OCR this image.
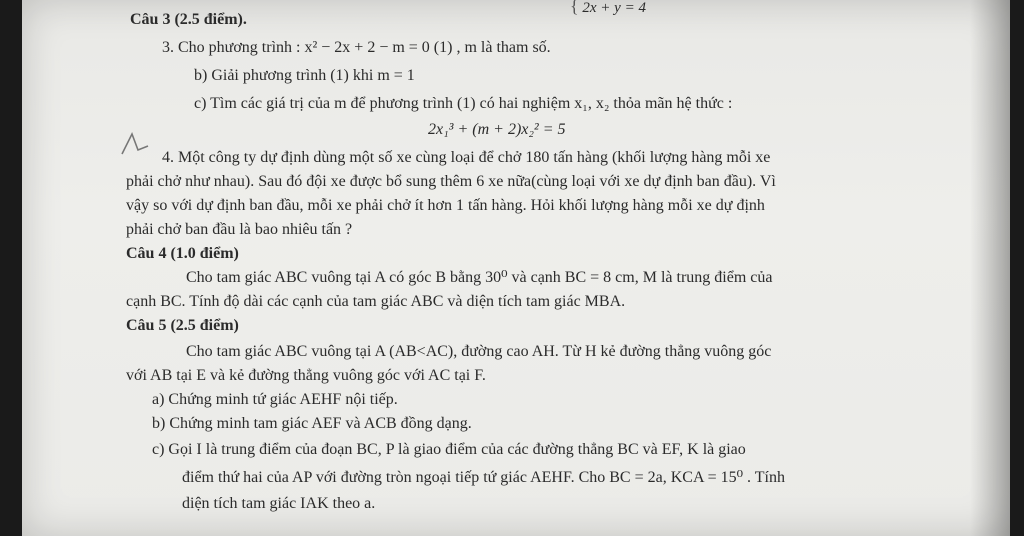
{ 2x + y = 4
Câu 3 (2.5 điểm).
3. Cho phương trình : x² − 2x + 2 − m = 0 (1) , m là tham số.
b) Giải phương trình (1) khi m = 1
c) Tìm các giá trị của m để phương trình (1) có hai nghiệm x₁, x₂ thỏa mãn hệ thức :
2x₁³ + (m + 2)x₂² = 5
4. Một công ty dự định dùng một số xe cùng loại để chở 180 tấn hàng (khối lượng hàng mỗi xe
phải chở như nhau). Sau đó đội xe được bổ sung thêm 6 xe nữa(cùng loại với xe dự định ban đầu). Vì
vậy so với dự định ban đầu, mỗi xe phải chở ít hơn 1 tấn hàng. Hỏi khối lượng hàng mỗi xe dự định
phải chở ban đầu là bao nhiêu tấn ?
Câu 4 (1.0 điểm)
Cho tam giác ABC vuông tại A có góc B bằng 30⁰ và cạnh BC = 8 cm, M là trung điểm của
cạnh BC. Tính độ dài các cạnh của tam giác ABC và diện tích tam giác MBA.
Câu 5 (2.5 điểm)
Cho tam giác ABC vuông tại A (AB<AC), đường cao AH. Từ H kẻ đường thẳng vuông góc
với AB tại E và kẻ đường thẳng vuông góc với AC tại F.
a) Chứng minh tứ giác AEHF nội tiếp.
b) Chứng minh tam giác AEF và ACB đồng dạng.
c) Gọi I là trung điểm của đoạn BC, P là giao điểm của các đường thẳng BC và EF, K là giao
điểm thứ hai của AP với đường tròn ngoại tiếp tứ giác AEHF. Cho BC = 2a, KCA = 15⁰ . Tính
diện tích tam giác IAK theo a.
